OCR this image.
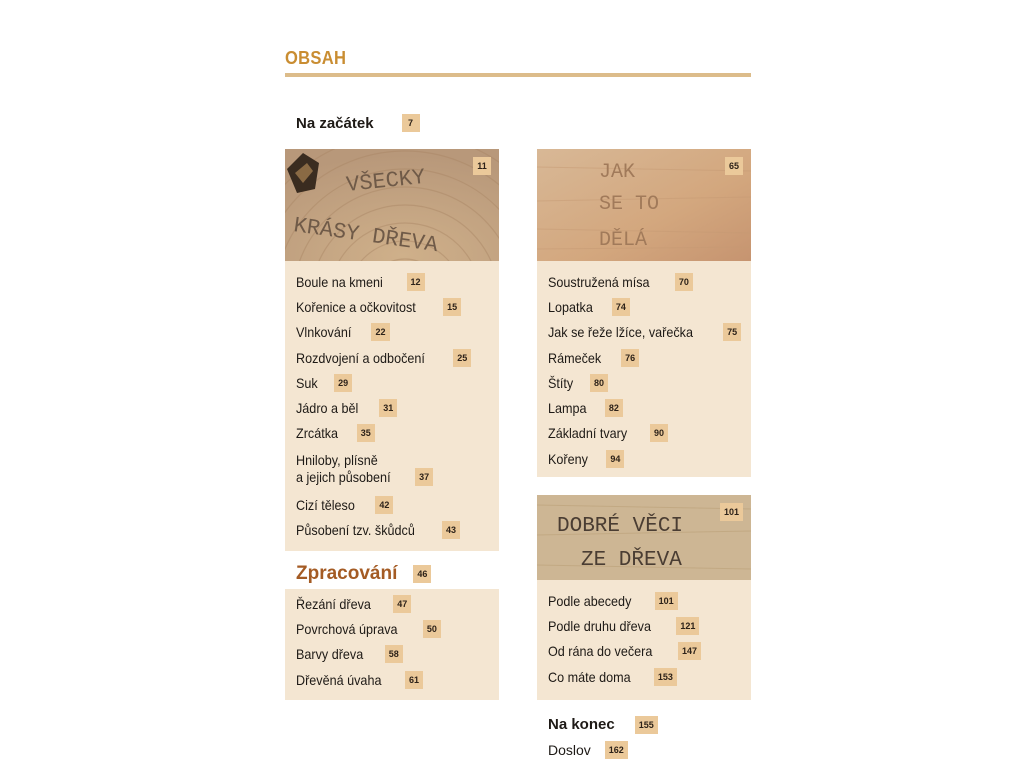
OBSAH
Na začátek	7
VŠECKY
KRÁSY DŘEVA
11
Boule na kmeni	12
Kořenice a očkovitost	15
Vlnkování	22
Rozdvojení a odbočení	25
Suk	29
Jádro a běl	31
Zrcátka	35
Hniloby, plísně
a jejich působení	37
Cizí těleso	42
Působení tzv. škůdců	43
Zpracování	46
Řezání dřeva	47
Povrchová úprava	50
Barvy dřeva	58
Dřevěná úvaha	61
JAK
SE TO
DĚLÁ
65
Soustružená mísa	70
Lopatka	74
Jak se řeže lžíce, vařečka	75
Rámeček	76
Štíty	80
Lampa	82
Základní tvary	90
Kořeny	94
DOBRÉ VĚCI
ZE DŘEVA
101
Podle abecedy	101
Podle druhu dřeva	121
Od rána do večera	147
Co máte doma	153
Na konec	155
Doslov	162
